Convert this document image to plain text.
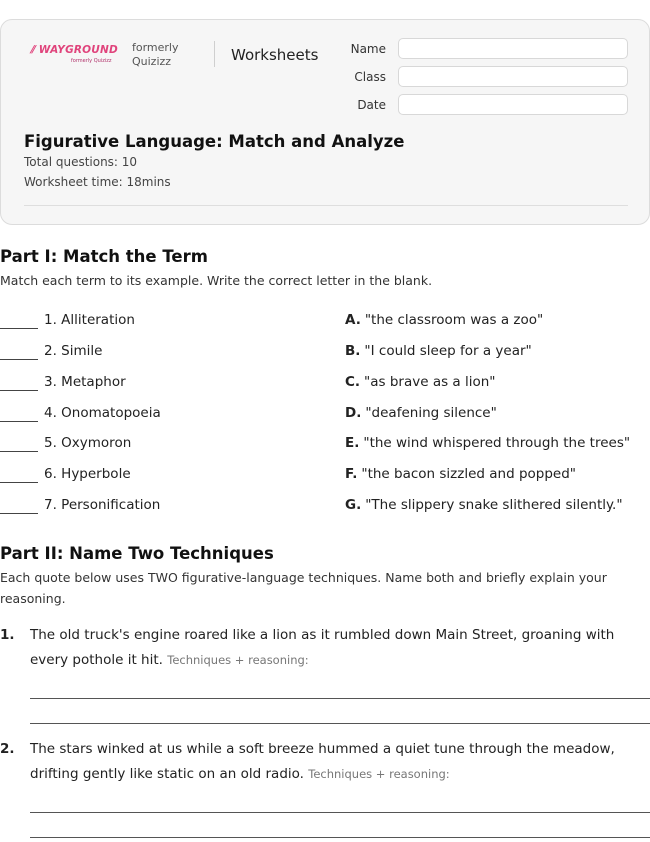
⫽ WAYGROUND
formerly Quizizz
formerly Quizizz	Worksheets	Name
Class
Date
Figurative Language: Match and Analyze
Total questions: 10
Worksheet time: 18mins
Part I: Match the Term
Match each term to its example. Write the correct letter in the blank.
1. Alliteration
2. Simile
3. Metaphor
4. Onomatopoeia
5. Oxymoron
6. Hyperbole
7. Personification
A. "the classroom was a zoo"
B. "I could sleep for a year"
C. "as brave as a lion"
D. "deafening silence"
E. "the wind whispered through the trees"
F. "the bacon sizzled and popped"
G. "The slippery snake slithered silently."
Part II: Name Two Techniques
Each quote below uses TWO figurative-language techniques. Name both and briefly explain your reasoning.
1. The old truck's engine roared like a lion as it rumbled down Main Street, groaning with every pothole it hit. Techniques + reasoning:
2. The stars winked at us while a soft breeze hummed a quiet tune through the meadow, drifting gently like static on an old radio. Techniques + reasoning:
